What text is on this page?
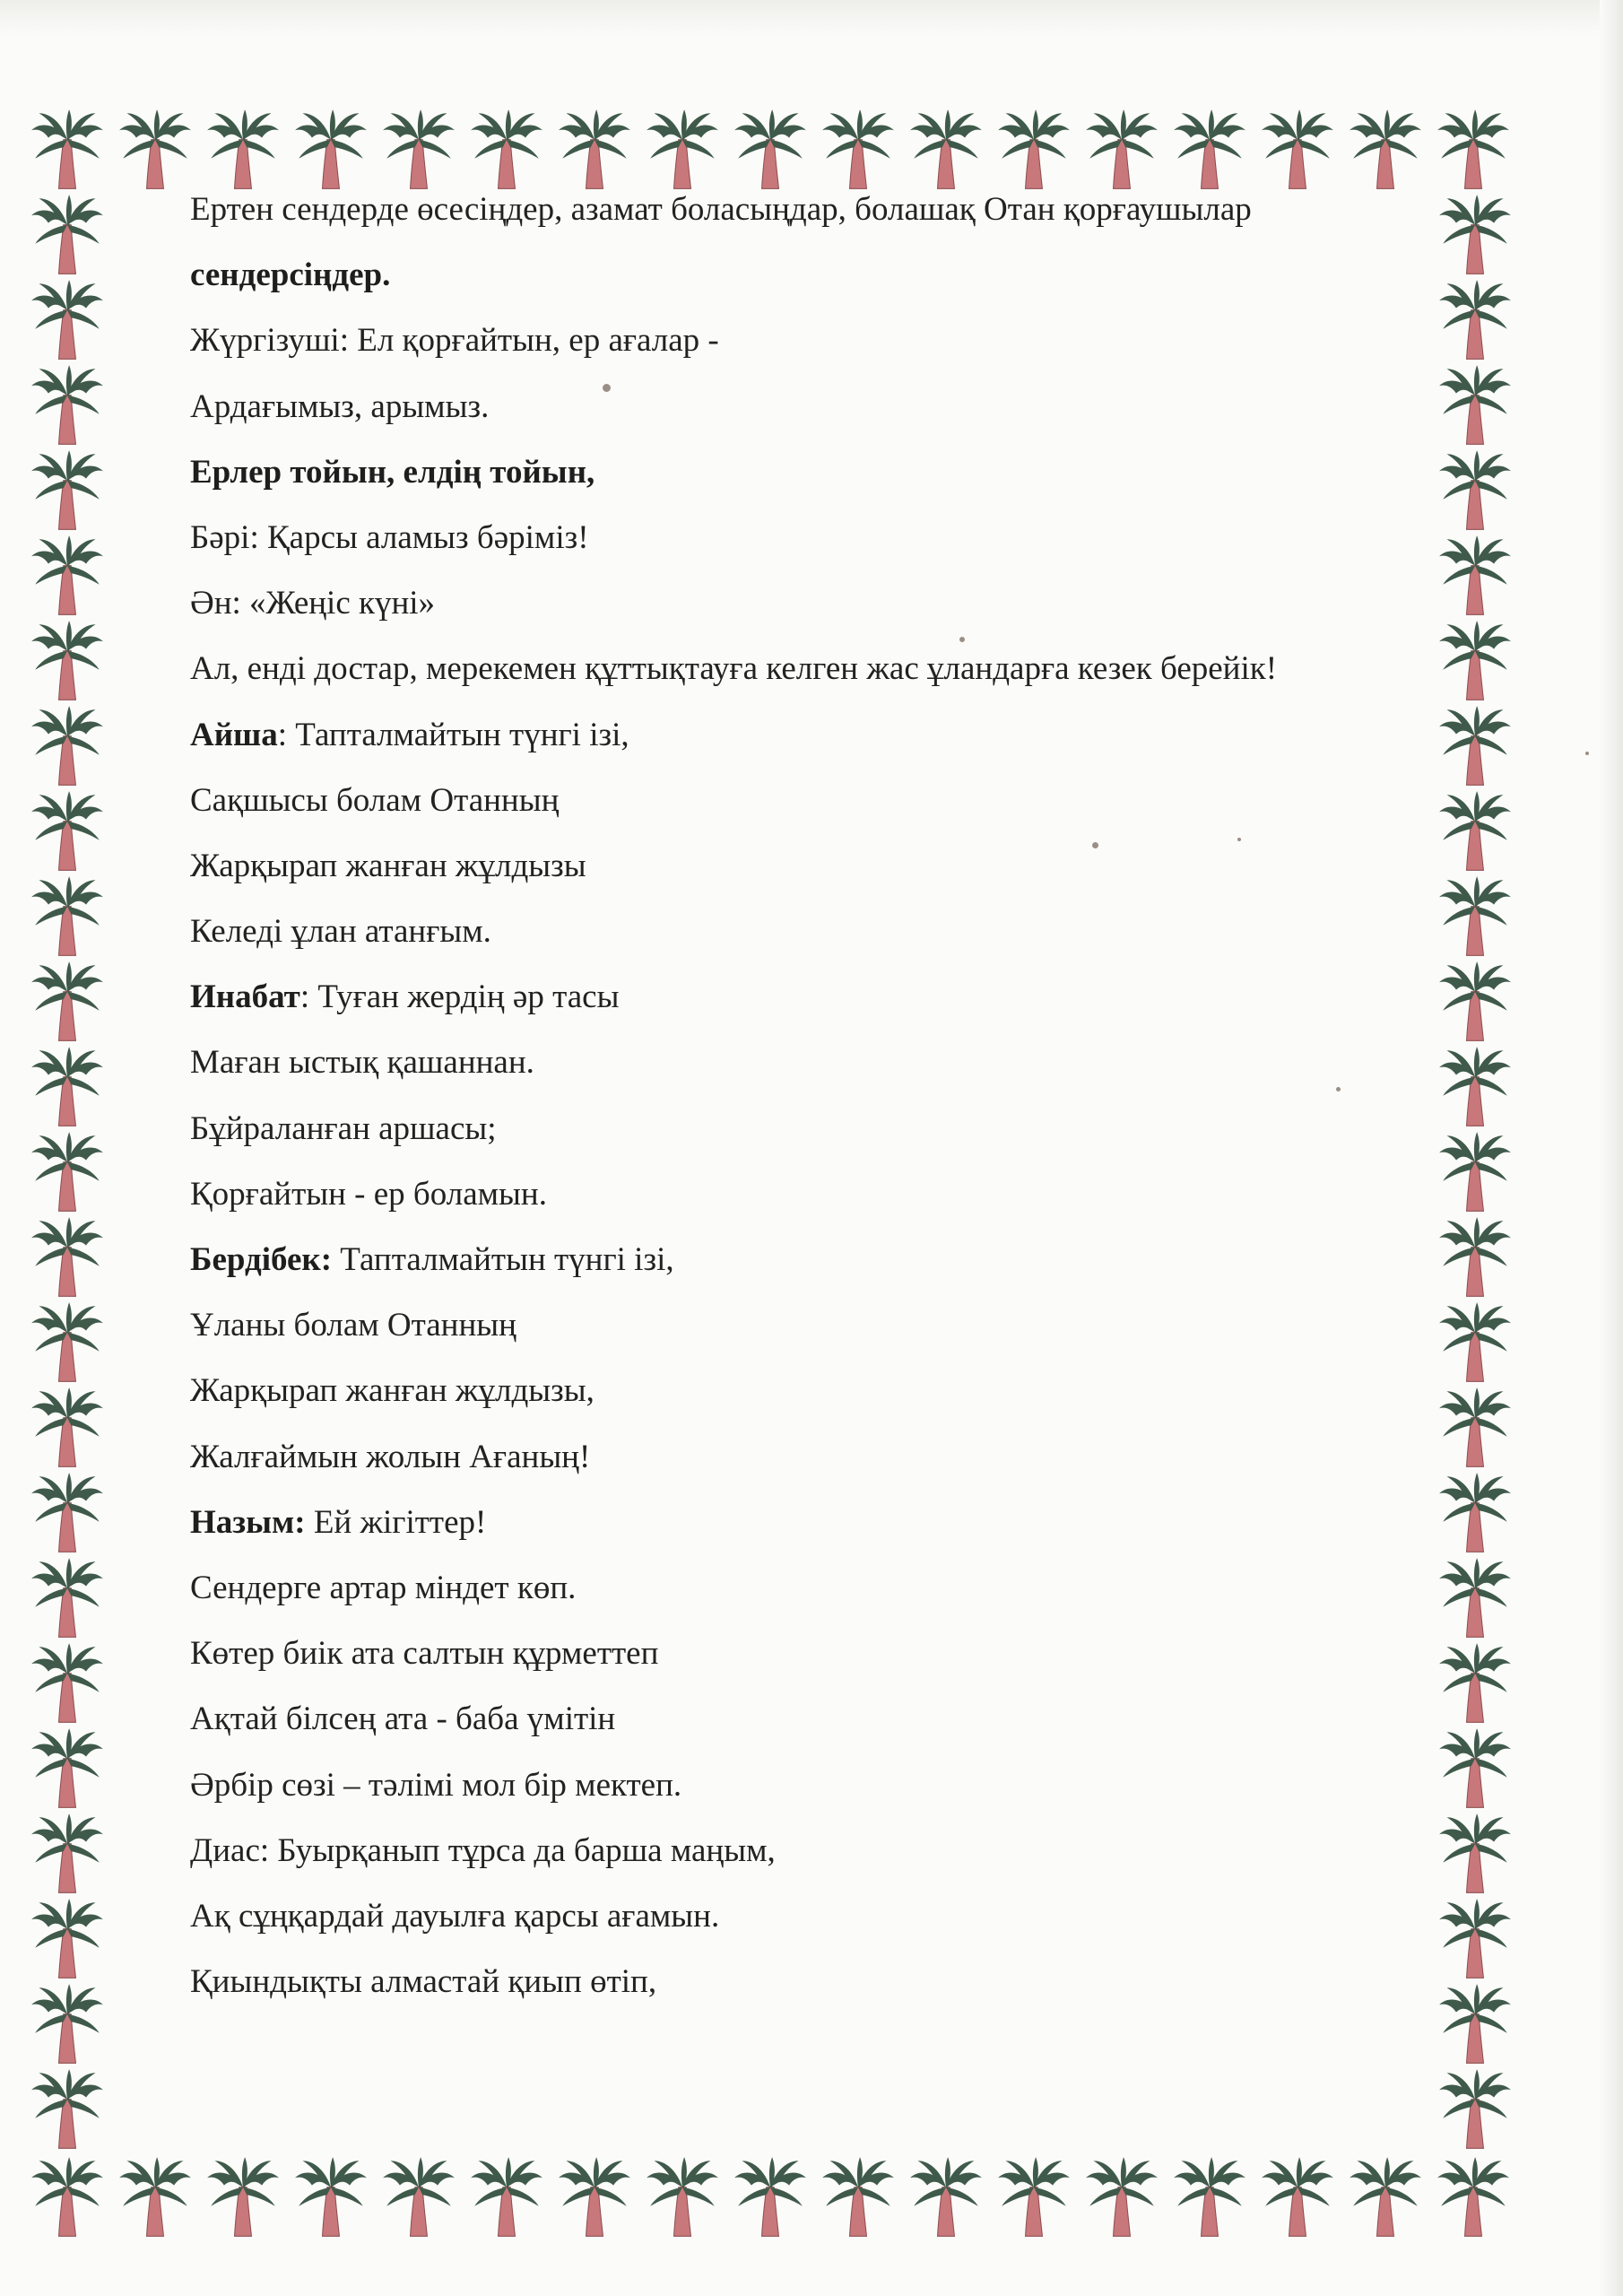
Ертен сендерде өсесіңдер, азамат боласыңдар, болашақ Отан қорғаушылар
сендерсіңдер.
Жүргізуші: Ел қорғайтын, ер ағалар -
Ардағымыз, арымыз.
Ерлер тойын, елдің тойын,
Бәрі: Қарсы аламыз бәріміз!
Ән: «Жеңіс күні»
Ал, енді достар, мерекемен құттықтауға келген жас ұландарға кезек берейік!
Айша: Тапталмайтын түнгі ізі,
Сақшысы болам Отанның
Жарқырап жанған жұлдызы
Келеді ұлан атанғым.
Инабат: Туған жердің әр тасы
Маған ыстық қашаннан.
Бұйраланған аршасы;
Қорғайтын - ер боламын.
Бердібек: Тапталмайтын түнгі ізі,
Ұланы болам Отанның
Жарқырап жанған жұлдызы,
Жалғаймын жолын Ағаның!
Назым: Ей жігіттер!
Сендерге артар міндет көп.
Көтер биік ата салтын құрметтеп
Ақтай білсең ата - баба үмітін
Әрбір сөзі – тәлімі мол бір мектеп.
Диас: Буырқанып тұрса да барша маңым,
Ақ сұңқардай дауылға қарсы ағамын.
Қиындықты алмастай қиып өтіп,
